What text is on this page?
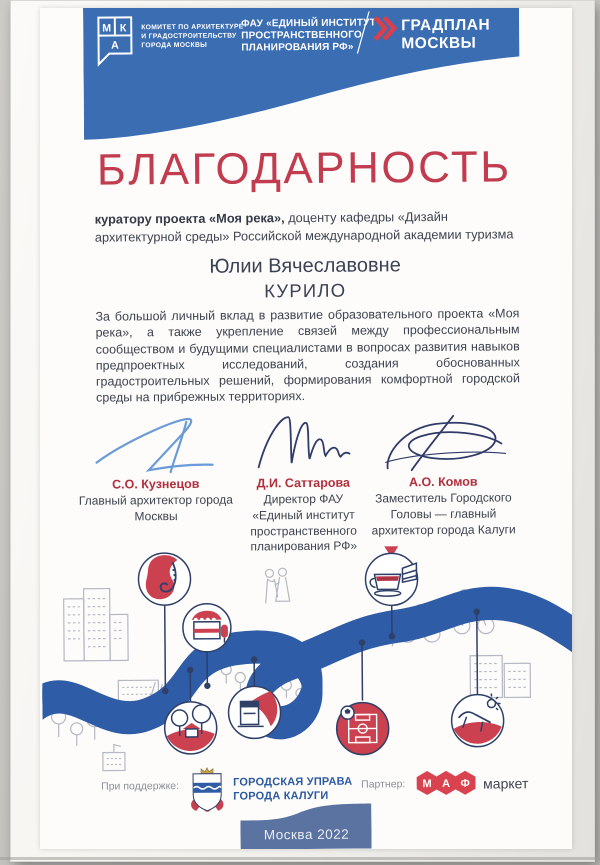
М К
А
КОМИТЕТ ПО АРХИТЕКТУРЕ
И ГРАДОСТРОИТЕЛЬСТВУ
ГОРОДА МОСКВЫ
ФАУ «ЕДИНЫЙ ИНСТИТУТ
ПРОСТРАНСТВЕННОГО
ПЛАНИРОВАНИЯ РФ»
ГРАДПЛАН
МОСКВЫ
БЛАГОДАРНОСТЬ
куратору проекта «Моя река», доценту кафедры «Дизайн архитектурной среды» Российской международной академии туризма
Юлии Вячеславовне
КУРИЛО
За большой личный вклад в развитие образовательного проекта «Моя река», а также укрепление связей между профессиональным сообществом и будущими специалистами в вопросах развития навыков предпроектных исследований, создания обоснованных градостроительных решений, формирования комфортной городской среды на прибрежных территориях.
С.О. Кузнецов
Главный архитектор города Москвы
Д.И. Саттарова
Директор ФАУ «Единый институт пространственного планирования РФ»
А.О. Комов
Заместитель Городского Головы — главный архитектор города Калуги
При поддержке:	ГОРОДСКАЯ УПРАВА
ГОРОДА КАЛУГИ
Партнер: М А Ф маркет
Москва 2022
